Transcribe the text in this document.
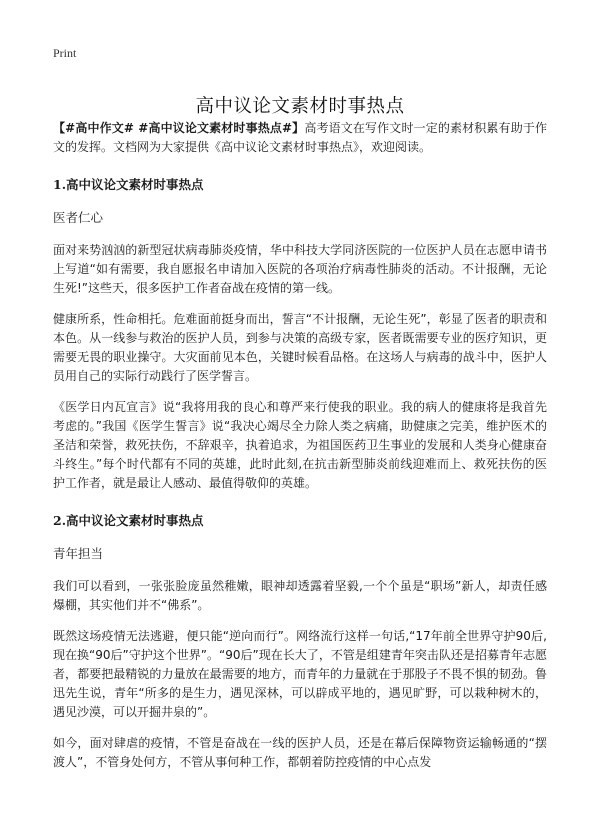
Print
高中议论文素材时事热点

【#高中作文# #高中议论文素材时事热点#】高考语文在写作文时一定的素材积累有助于作文的发挥。文档网为大家提供《高中议论文素材时事热点》，欢迎阅读。

1.高中议论文素材时事热点
医者仁心

面对来势汹汹的新型冠状病毒肺炎疫情，华中科技大学同济医院的一位医护人员在志愿申请书上写道“如有需要，我自愿报名申请加入医院的各项治疗病毒性肺炎的活动。不计报酬，无论生死!”这些天，很多医护工作者奋战在疫情的第一线。

健康所系，性命相托。危难面前挺身而出，誓言“不计报酬，无论生死”，彰显了医者的职责和本色。从一线参与救治的医护人员，到参与决策的高级专家，医者既需要专业的医疗知识，更需要无畏的职业操守。大灾面前见本色，关键时候看品格。在这场人与病毒的战斗中，医护人员用自己的实际行动践行了医学誓言。

《医学日内瓦宣言》说“我将用我的良心和尊严来行使我的职业。我的病人的健康将是我首先考虑的。”我国《医学生誓言》说“我决心竭尽全力除人类之病痛，助健康之完美，维护医术的圣洁和荣誉，救死扶伤，不辞艰辛，执着追求，为祖国医药卫生事业的发展和人类身心健康奋斗终生。”每个时代都有不同的英雄，此时此刻,在抗击新型肺炎前线迎难而上、救死扶伤的医护工作者，就是最让人感动、最值得敬仰的英雄。

2.高中议论文素材时事热点
青年担当

我们可以看到，一张张脸庞虽然稚嫩，眼神却透露着坚毅,一个个虽是“职场”新人，却责任感爆棚，其实他们并不“佛系”。

既然这场疫情无法逃避，便只能“逆向而行”。网络流行这样一句话,“17年前全世界守护90后,现在换“90后”守护这个世界”。“90后”现在长大了，不管是组建青年突击队还是招募青年志愿者，都要把最精锐的力量放在最需要的地方，而青年的力量就在于那股子不畏不惧的韧劲。鲁迅先生说，青年“所多的是生力，遇见深林，可以辟成平地的，遇见旷野，可以栽种树木的，遇见沙漠，可以开掘井泉的”。

如今，面对肆虐的疫情，不管是奋战在一线的医护人员，还是在幕后保障物资运输畅通的“摆渡人”，不管身处何方，不管从事何种工作，都朝着防控疫情的中心点发
